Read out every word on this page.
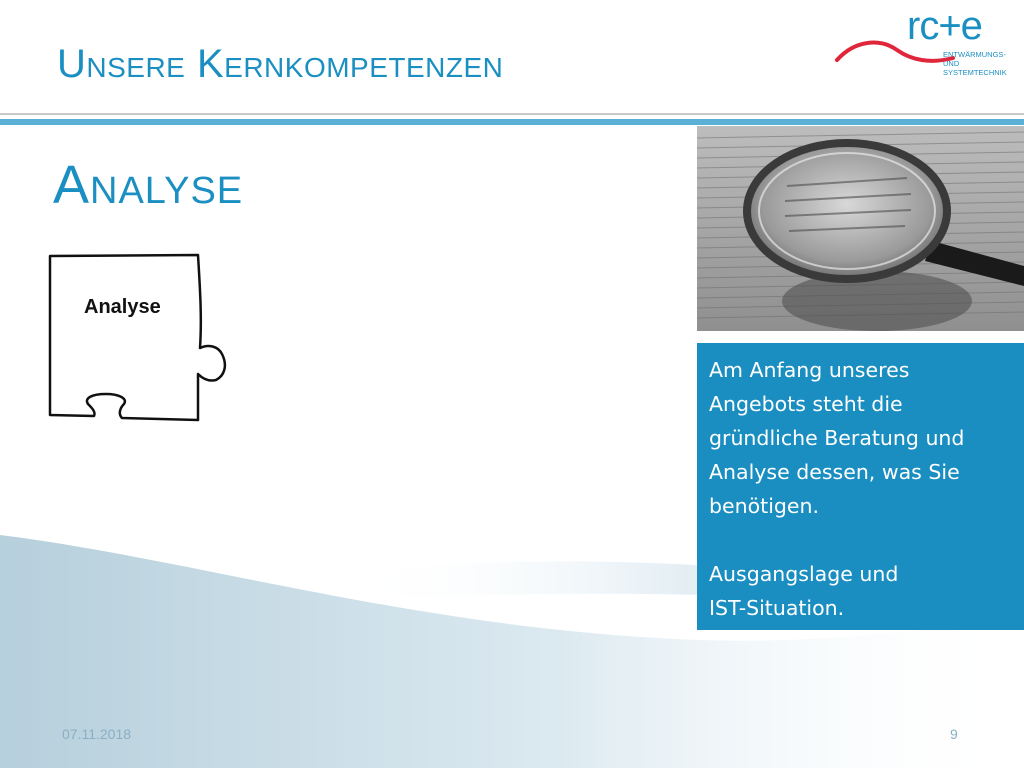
Unsere Kernkompetenzen
rc+e
ENTWÄRMUNGS-
UND SYSTEMTECHNIK
Analyse
Analyse

Am Anfang unseres
Angebots steht die
gründliche Beratung und
Analyse dessen, was Sie
benötigen.

Ausgangslage und
IST-Situation.

07.11.2018	9
